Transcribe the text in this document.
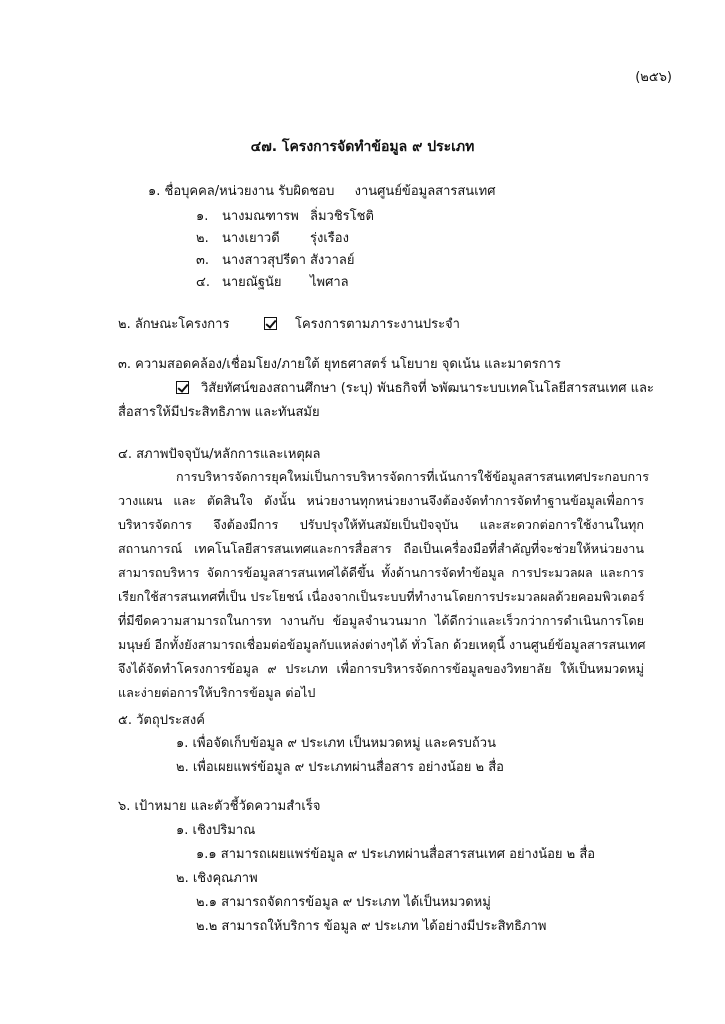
(๒๕๖)
๔๗. โครงการจัดทำข้อมูล ๙ ประเภท
๑. ชื่อบุคคล/หน่วยงาน รับผิดชอบ งานศูนย์ข้อมูลสารสนเทศ
๑. นางมณฑารพ ลิ่มวชิรโชติ
๒. นางเยาวดี รุ่งเรือง
๓. นางสาวสุปรีดา สังวาลย์
๔. นายณัฐนัย ไพศาล
๒. ลักษณะโครงการ	โครงการตามภาระงานประจำ
๓. ความสอดคล้อง/เชื่อมโยง/ภายใต้ ยุทธศาสตร์ นโยบาย จุดเน้น และมาตรการ
วิสัยทัศน์ของสถานศึกษา (ระบุ) พันธกิจที่ ๖พัฒนาระบบเทคโนโลยีสารสนเทศ และ
สื่อสารให้มีประสิทธิภาพ และทันสมัย
๔. สภาพปัจจุบัน/หลักการและเหตุผล
การบริหารจัดการยุคใหม่เป็นการบริหารจัดการที่เน้นการใช้ข้อมูลสารสนเทศประกอบการ
วางแผน และ ตัดสินใจ ดังนั้น หน่วยงานทุกหน่วยงานจึงต้องจัดทำการจัดทำฐานข้อมูลเพื่อการ
บริหารจัดการ จึงต้องมีการ ปรับปรุงให้ทันสมัยเป็นปัจจุบัน และสะดวกต่อการใช้งานในทุก
สถานการณ์ เทคโนโลยีสารสนเทศและการสื่อสาร ถือเป็นเครื่องมือที่สำคัญที่จะช่วยให้หน่วยงาน
สามารถบริหาร จัดการข้อมูลสารสนเทศได้ดีขึ้น ทั้งด้านการจัดทำข้อมูล การประมวลผล และการ
เรียกใช้สารสนเทศที่เป็น ประโยชน์ เนื่องจากเป็นระบบที่ทำงานโดยการประมวลผลด้วยคอมพิวเตอร์
ที่มีขีดความสามารถในการท างานกับ ข้อมูลจำนวนมาก ได้ดีกว่าและเร็วกว่าการดำเนินการโดย
มนุษย์ อีกทั้งยังสามารถเชื่อมต่อข้อมูลกับแหล่งต่างๆได้ ทั่วโลก ด้วยเหตุนี้ งานศูนย์ข้อมูลสารสนเทศ
จึงได้จัดทำโครงการข้อมูล ๙ ประเภท เพื่อการบริหารจัดการข้อมูลของวิทยาลัย ให้เป็นหมวดหมู่
และง่ายต่อการให้บริการข้อมูล ต่อไป
๕. วัตถุประสงค์
๑. เพื่อจัดเก็บข้อมูล ๙ ประเภท เป็นหมวดหมู่ และครบถ้วน
๒. เพื่อเผยแพร่ข้อมูล ๙ ประเภทผ่านสื่อสาร อย่างน้อย ๒ สื่อ
๖. เป้าหมาย และตัวชี้วัดความสำเร็จ
๑. เชิงปริมาณ
๑.๑ สามารถเผยแพร่ข้อมูล ๙ ประเภทผ่านสื่อสารสนเทศ อย่างน้อย ๒ สื่อ
๒. เชิงคุณภาพ
๒.๑ สามารถจัดการข้อมูล ๙ ประเภท ได้เป็นหมวดหมู่
๒.๒ สามารถให้บริการ ข้อมูล ๙ ประเภท ได้อย่างมีประสิทธิภาพ
